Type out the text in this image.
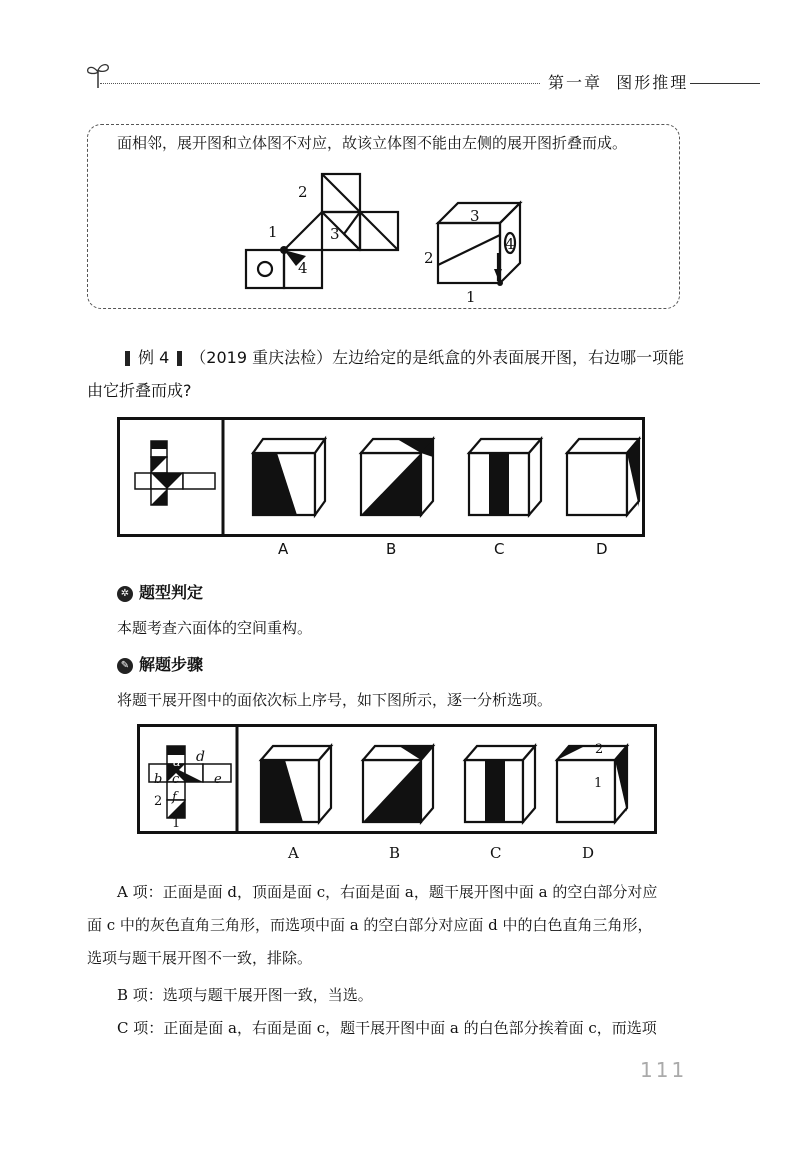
第一章 图形推理
面相邻，展开图和立体图不对应，故该立体图不能由左侧的展开图折叠而成。
2
1	3
4
3
2
4
1
例 4 （2019 重庆法检）左边给定的是纸盒的外表面展开图，右边哪一项能
由它折叠而成?
A	B	C	D
✲ 题型判定
本题考查六面体的空间重构。
✎ 解题步骤
将题干展开图中的面依次标上序号，如下图所示，逐一分析选项。
a d
b c	e
2 f
1
2
1
A	B	C	D
A 项：正面是面 d，顶面是面 c，右面是面 a，题干展开图中面 a 的空白部分对应
面 c 中的灰色直角三角形，而选项中面 a 的空白部分对应面 d 中的白色直角三角形，
选项与题干展开图不一致，排除。
B 项：选项与题干展开图一致，当选。
C 项：正面是面 a，右面是面 c，题干展开图中面 a 的白色部分挨着面 c，而选项
111
